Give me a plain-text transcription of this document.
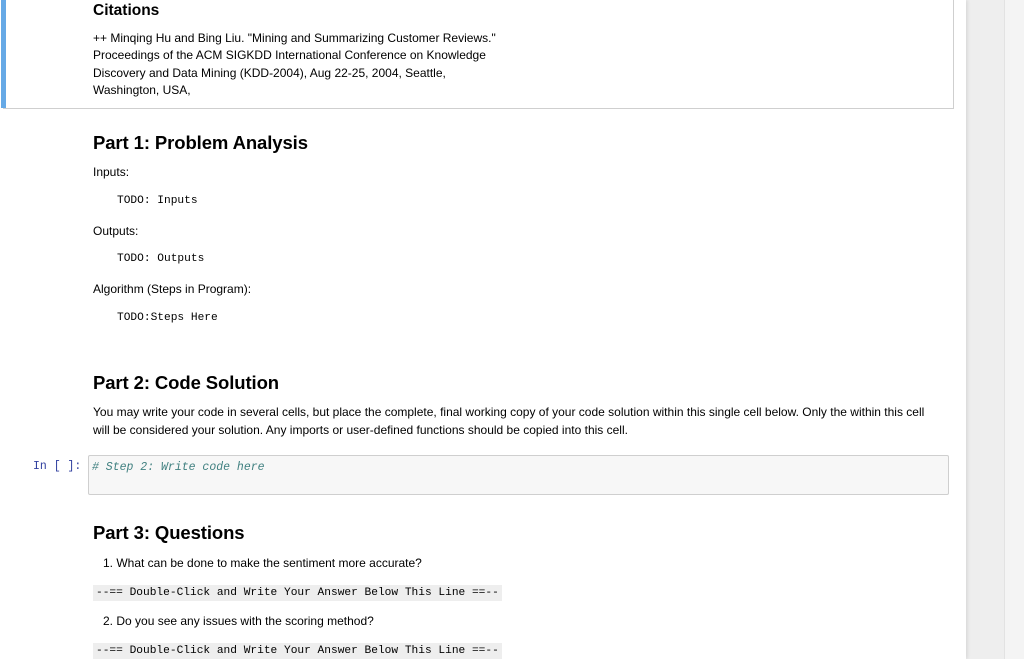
Citations
++ Minqing Hu and Bing Liu. "Mining and Summarizing Customer Reviews."
Proceedings of the ACM SIGKDD International Conference on Knowledge
Discovery and Data Mining (KDD-2004), Aug 22-25, 2004, Seattle,
Washington, USA,
Part 1: Problem Analysis
Inputs:
TODO: Inputs
Outputs:
TODO: Outputs
Algorithm (Steps in Program):
TODO:Steps Here
Part 2: Code Solution
You may write your code in several cells, but place the complete, final working copy of your code solution within this single cell below. Only the within this cell
will be considered your solution. Any imports or user-defined functions should be copied into this cell.
In [ ]: # Step 2: Write code here
Part 3: Questions
1. What can be done to make the sentiment more accurate?
--== Double-Click and Write Your Answer Below This Line ==--
2. Do you see any issues with the scoring method?
--== Double-Click and Write Your Answer Below This Line ==--
